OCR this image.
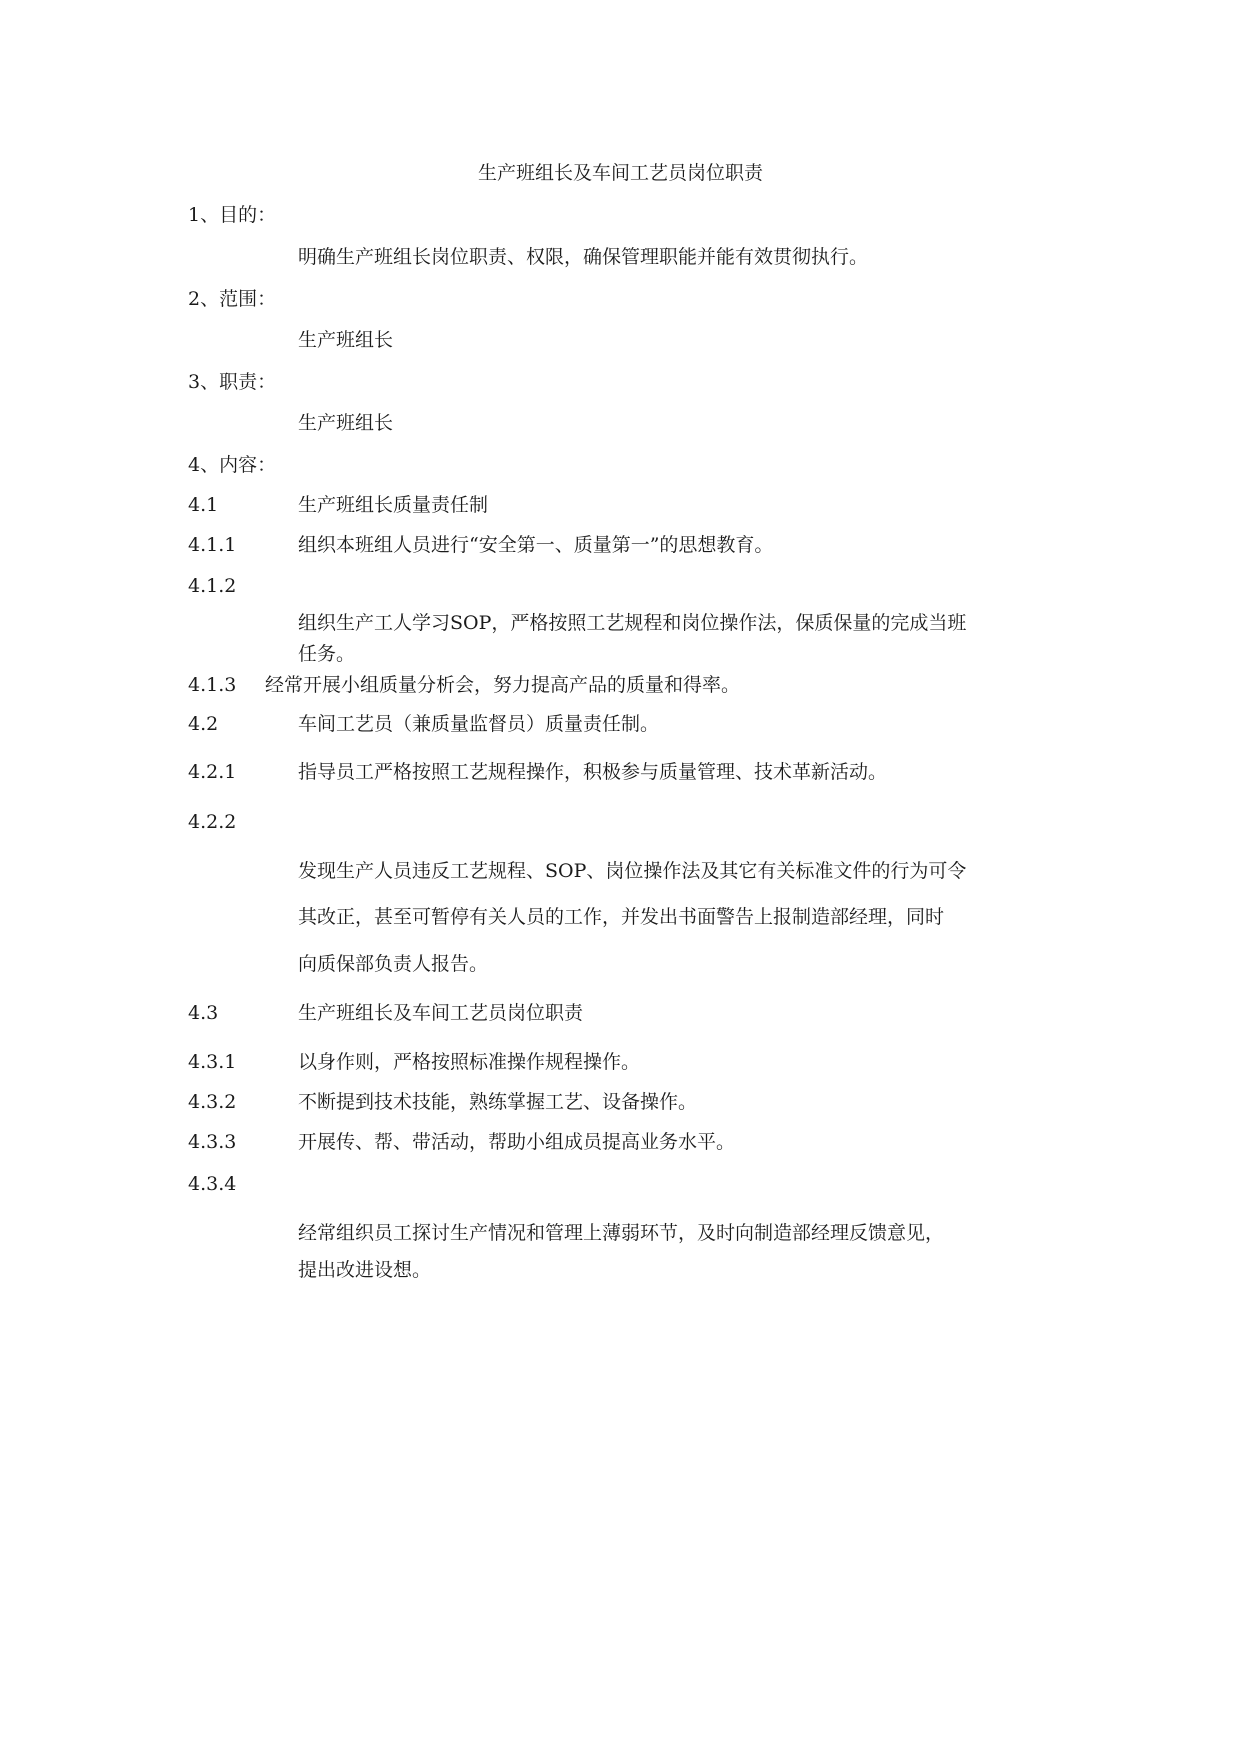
生产班组长及车间工艺员岗位职责
1、目的：
明确生产班组长岗位职责、权限，确保管理职能并能有效贯彻执行。
2、范围：
生产班组长
3、职责：
生产班组长
4、内容：
4.1	生产班组长质量责任制
4.1.1	组织本班组人员进行“安全第一、质量第一”的思想教育。
4.1.2
组织生产工人学习SOP，严格按照工艺规程和岗位操作法，保质保量的完成当班
任务。
4.1.3 经常开展小组质量分析会，努力提高产品的质量和得率。
4.2	车间工艺员（兼质量监督员）质量责任制。
4.2.1	指导员工严格按照工艺规程操作，积极参与质量管理、技术革新活动。
4.2.2
发现生产人员违反工艺规程、SOP、岗位操作法及其它有关标准文件的行为可令
其改正，甚至可暂停有关人员的工作，并发出书面警告上报制造部经理，同时
向质保部负责人报告。
4.3	生产班组长及车间工艺员岗位职责
4.3.1	以身作则，严格按照标准操作规程操作。
4.3.2	不断提到技术技能，熟练掌握工艺、设备操作。
4.3.3	开展传、帮、带活动，帮助小组成员提高业务水平。
4.3.4
经常组织员工探讨生产情况和管理上薄弱环节，及时向制造部经理反馈意见，
提出改进设想。
